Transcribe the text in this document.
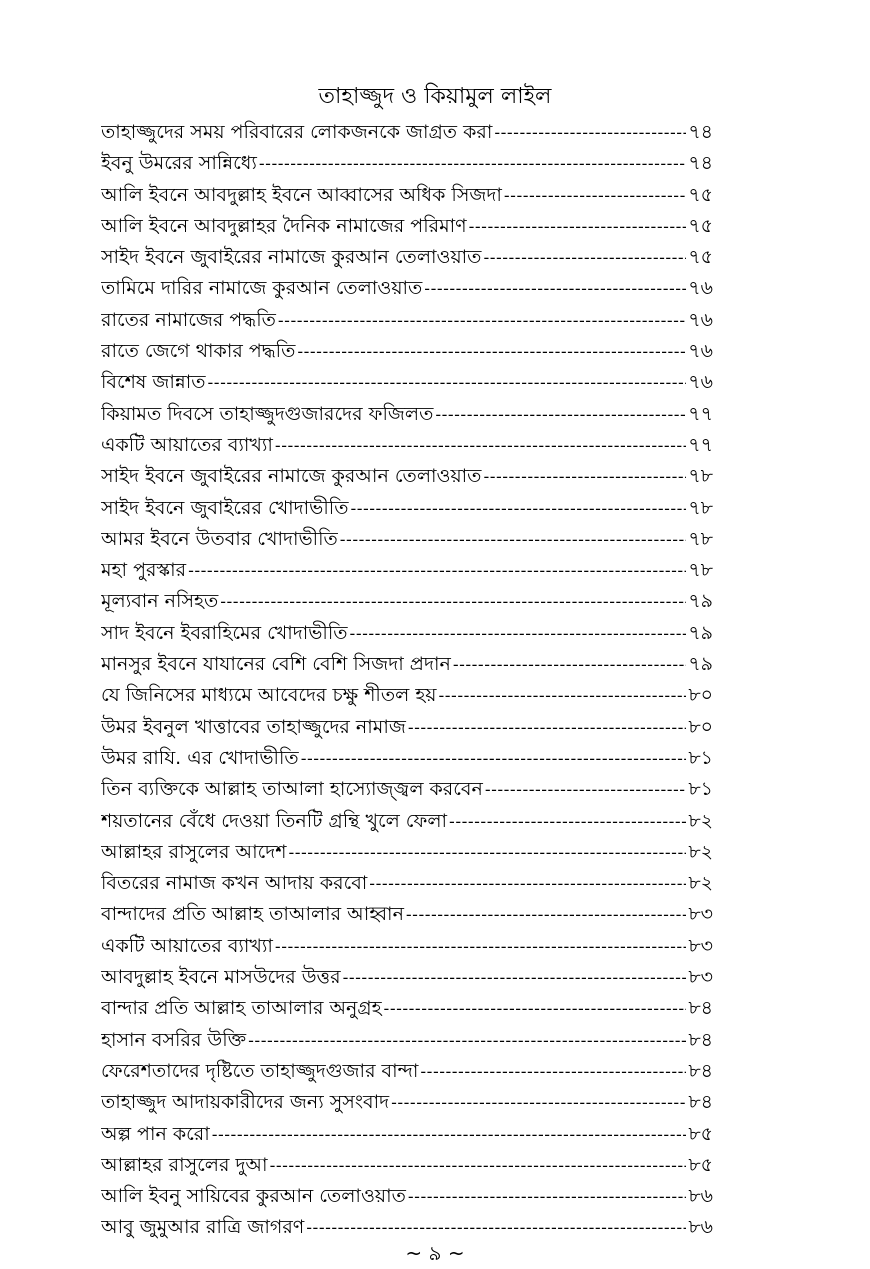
তাহাজ্জুদ ও কিয়ামুল লাইল
তাহাজ্জুদের সময় পরিবারের লোকজনকে জাগ্রত করা -----	৭৪
ইবনু উমরের সান্নিধ্যে -----	৭৪
আলি ইবনে আবদুল্লাহ ইবনে আব্বাসের অধিক সিজদা -----	৭৫
আলি ইবনে আবদুল্লাহর দৈনিক নামাজের পরিমাণ -----	৭৫
সাইদ ইবনে জুবাইরের নামাজে কুরআন তেলাওয়াত -----	৭৫
তামিমে দারির নামাজে কুরআন তেলাওয়াত -----	৭৬
রাতের নামাজের পদ্ধতি -----	৭৬
রাতে জেগে থাকার পদ্ধতি -----	৭৬
বিশেষ জান্নাত -----	৭৬
কিয়ামত দিবসে তাহাজ্জুদগুজারদের ফজিলত -----	৭৭
একটি আয়াতের ব্যাখ্যা -----	৭৭
সাইদ ইবনে জুবাইরের নামাজে কুরআন তেলাওয়াত -----	৭৮
সাইদ ইবনে জুবাইরের খোদাভীতি -----	৭৮
আমর ইবনে উতবার খোদাভীতি -----	৭৮
মহা পুরস্কার -----	৭৮
মূল্যবান নসিহত -----	৭৯
সাদ ইবনে ইবরাহিমের খোদাভীতি -----	৭৯
মানসুর ইবনে যাযানের বেশি বেশি সিজদা প্রদান -----	৭৯
যে জিনিসের মাধ্যমে আবেদের চক্ষু শীতল হয় -----	৮০
উমর ইবনুল খাত্তাবের তাহাজ্জুদের নামাজ -----	৮০
উমর রাযি. এর খোদাভীতি -----	৮১
তিন ব্যক্তিকে আল্লাহ তাআলা হাস্যোজ্জ্বল করবেন -----	৮১
শয়তানের বেঁধে দেওয়া তিনটি গ্রন্থি খুলে ফেলা -----	৮২
আল্লাহর রাসুলের আদেশ -----	৮২
বিতরের নামাজ কখন আদায় করবো -----	৮২
বান্দাদের প্রতি আল্লাহ তাআলার আহ্বান -----	৮৩
একটি আয়াতের ব্যাখ্যা -----	৮৩
আবদুল্লাহ ইবনে মাসউদের উত্তর -----	৮৩
বান্দার প্রতি আল্লাহ তাআলার অনুগ্রহ -----	৮৪
হাসান বসরির উক্তি -----	৮৪
ফেরেশতাদের দৃষ্টিতে তাহাজ্জুদগুজার বান্দা -----	৮৪
তাহাজ্জুদ আদায়কারীদের জন্য সুসংবাদ -----	৮৪
অল্প পান করো -----	৮৫
আল্লাহর রাসুলের দুআ -----	৮৫
আলি ইবনু সায়িবের কুরআন তেলাওয়াত -----	৮৬
আবু জুমুআর রাত্রি জাগরণ -----	৮৬
~ ৯ ~
